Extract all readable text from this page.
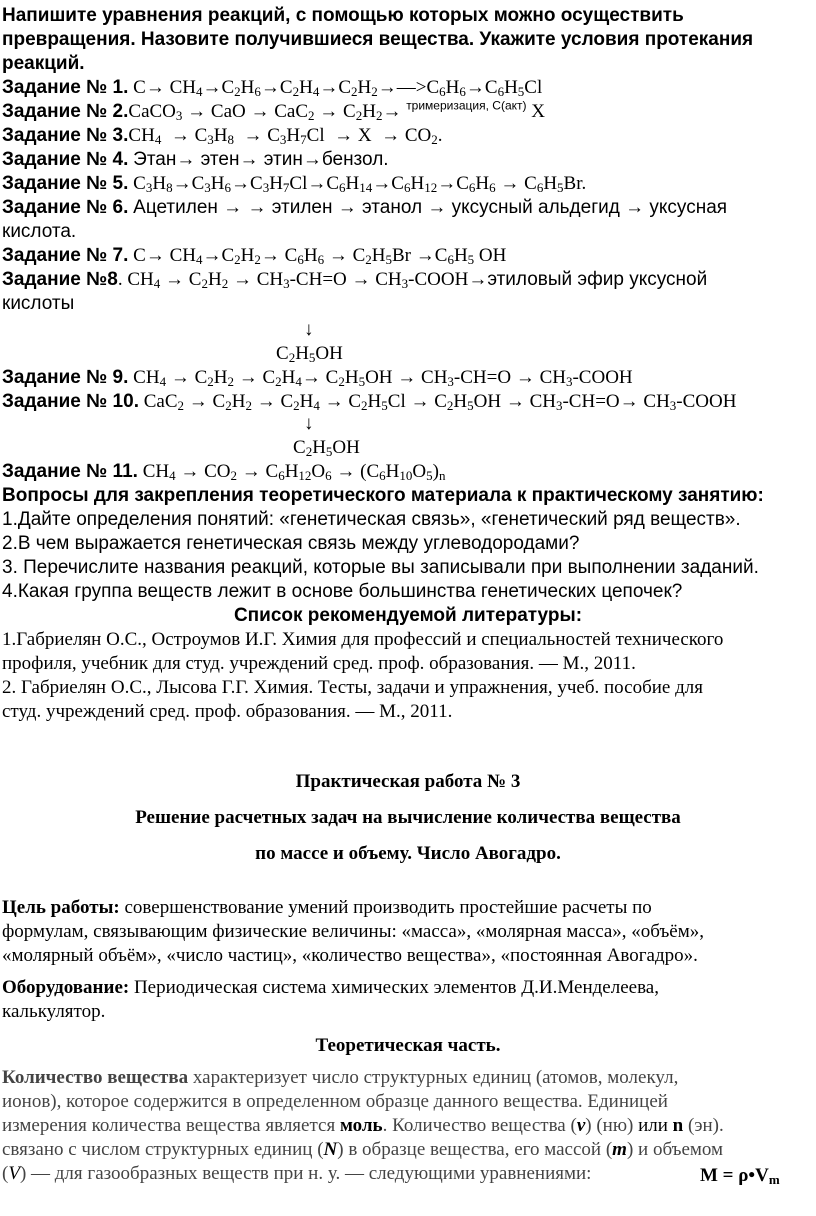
Напишите уравнения реакций, с помощью которых можно осуществить
превращения. Назовите получившиеся вещества. Укажите условия протекания
реакций.
Задание № 1. $C\to CH_4\to C_2H_6\to C_2H_4\to C_2H_2\to—>C_6H_6\to C_6H_5Cl$
Задание № 2.CaCO$_3$ → CaO → $CaC_2 \to C_2H_2\to ^{тримеризация, С(акт)}$ X
Задание № $3.CH_4 \to C_3H_8 \to C_3H_7Cl \to X \to CO_2$.
Задание № 4. Этан→ этен→ этин→бензол.
Задание № 5. $C_3H_8\to C_3H_6\to C_3H_7Cl\to C_6H_{14}\to C_6H_{12}\to C_6H_6 \to C_6H_5Br$.
Задание № 6. Ацетилен → → этилен → этанол → уксусный альдегид → уксусная
кислота.
Задание № 7. $C\to CH_4\to C_2H_2\to C_6H_6 \to C_2H_5Br \to C_6H_5$ OH
Задание №8. $CH_4 \to C_2H_2 \to CH_3-CH=O$ → $CH_3-COOH\to этиловый$ эфир уксусной
кислоты
↓
$C_2H_5OH$
Задание № 9. $CH_4 \to C_2H_2 \to C_2H_4\to C_2H_5OH \to CH_3-CH=O$ → $CH_3$-COOH
Задание № 10. $CaC_2 \to C_2H_2 \to C_2H_4 \to C_2H_5Cl \to C_2H_5OH \to CH_3-CH=O\to$ $CH_3$-COOH
↓
$C_2H_5OH$
Задание № 11. $CH_4 \to CO_2 \to C_6H_{12}O_6 \to (C_6H_{10}O_5)_n$
Вопросы для закрепления теоретического материала к практическому занятию:
1.Дайте определения понятий: «генетическая связь», «генетический ряд веществ».
2.В чем выражается генетическая связь между углеводородами?
3. Перечислите названия реакций, которые вы записывали при выполнении заданий.
4.Какая группа веществ лежит в основе большинства генетических цепочек?
Список рекомендуемой литературы:
1.Габриелян О.С., Остроумов И.Г. Химия для профессий и специальностей технического
профиля, учебник для студ. учреждений сред. проф. образования. — М., 2011.
2. Габриелян О.С., Лысова Г.Г. Химия. Тесты, задачи и упражнения, учеб. пособие для
студ. учреждений сред. проф. образования. — М., 2011.
Практическая работа № 3
Решение расчетных задач на вычисление количества вещества
по массе и объему. Число Авогадро.
Цель работы: совершенствование умений производить простейшие расчеты по
формулам, связывающим физические величины: «масса», «молярная масса», «объём»,
«молярный объём», «число частиц», «количество вещества», «постоянная Авогадро».
Оборудование: Периодическая система химических элементов Д.И.Менделеева,
калькулятор.
Теоретическая часть.
Количество вещества характеризует число структурных единиц (атомов, молекул,
ионов), которое содержится в определенном образце данного вещества. Единицей
измерения количества вещества является моль. Количество вещества (ν) (ню) или n (эн).
связано с числом структурных единиц (N) в образце вещества, его массой (m) и объемом
(V) — для газообразных веществ при н. у. — следующими уравнениями:	$M = \rho•V_m$
